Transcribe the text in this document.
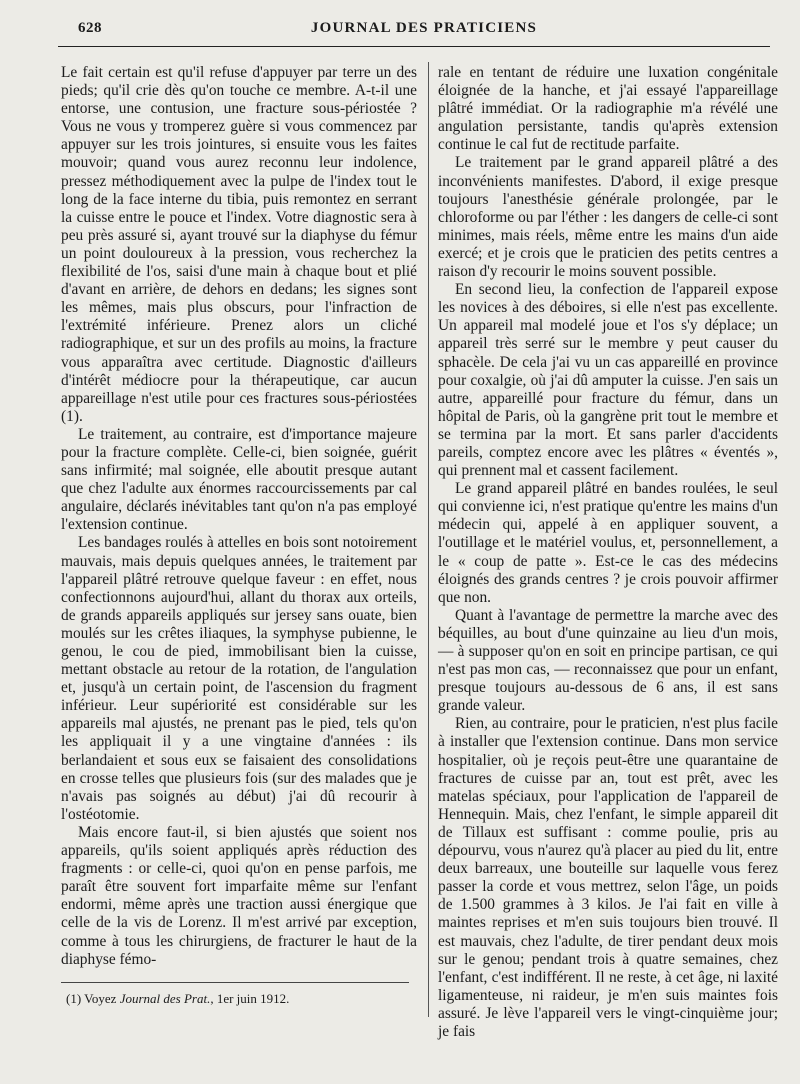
628	JOURNAL DES PRATICIENS

Le fait certain est qu'il refuse d'appuyer par terre un des pieds; qu'il crie dès qu'on touche ce membre. A-t-il une entorse, une contusion, une fracture sous-périostée ? Vous ne vous y tromperez guère si vous commencez par appuyer sur les trois jointures, si ensuite vous les faites mouvoir; quand vous aurez reconnu leur indolence, pressez méthodiquement avec la pulpe de l'index tout le long de la face interne du tibia, puis remontez en serrant la cuisse entre le pouce et l'index. Votre diagnostic sera à peu près assuré si, ayant trouvé sur la diaphyse du fémur un point douloureux à la pression, vous recherchez la flexibilité de l'os, saisi d'une main à chaque bout et plié d'avant en arrière, de dehors en dedans; les signes sont les mêmes, mais plus obscurs, pour l'infraction de l'extrémité inférieure. Prenez alors un cliché radiographique, et sur un des profils au moins, la fracture vous apparaîtra avec certitude. Diagnostic d'ailleurs d'intérêt médiocre pour la thérapeutique, car aucun appareillage n'est utile pour ces fractures sous-périostées (1).

Le traitement, au contraire, est d'importance majeure pour la fracture complète. Celle-ci, bien soignée, guérit sans infirmité; mal soignée, elle aboutit presque autant que chez l'adulte aux énormes raccourcissements par cal angulaire, déclarés inévitables tant qu'on n'a pas employé l'extension continue.

Les bandages roulés à attelles en bois sont notoirement mauvais, mais depuis quelques années, le traitement par l'appareil plâtré retrouve quelque faveur : en effet, nous confectionnons aujourd'hui, allant du thorax aux orteils, de grands appareils appliqués sur jersey sans ouate, bien moulés sur les crêtes iliaques, la symphyse pubienne, le genou, le cou de pied, immobilisant bien la cuisse, mettant obstacle au retour de la rotation, de l'angulation et, jusqu'à un certain point, de l'ascension du fragment inférieur. Leur supériorité est considérable sur les appareils mal ajustés, ne prenant pas le pied, tels qu'on les appliquait il y a une vingtaine d'années : ils berlandaient et sous eux se faisaient des consolidations en crosse telles que plusieurs fois (sur des malades que je n'avais pas soignés au début) j'ai dû recourir à l'ostéotomie.

Mais encore faut-il, si bien ajustés que soient nos appareils, qu'ils soient appliqués après réduction des fragments : or celle-ci, quoi qu'on en pense parfois, me paraît être souvent fort imparfaite même sur l'enfant endormi, même après une traction aussi énergique que celle de la vis de Lorenz. Il m'est arrivé par exception, comme à tous les chirurgiens, de fracturer le haut de la diaphyse fémo-

rale en tentant de réduire une luxation congénitale éloignée de la hanche, et j'ai essayé l'appareillage plâtré immédiat. Or la radiographie m'a révélé une angulation persistante, tandis qu'après extension continue le cal fut de rectitude parfaite.

Le traitement par le grand appareil plâtré a des inconvénients manifestes. D'abord, il exige presque toujours l'anesthésie générale prolongée, par le chloroforme ou par l'éther : les dangers de celle-ci sont minimes, mais réels, même entre les mains d'un aide exercé; et je crois que le praticien des petits centres a raison d'y recourir le moins souvent possible.

En second lieu, la confection de l'appareil expose les novices à des déboires, si elle n'est pas excellente. Un appareil mal modelé joue et l'os s'y déplace; un appareil très serré sur le membre y peut causer du sphacèle. De cela j'ai vu un cas appareillé en province pour coxalgie, où j'ai dû amputer la cuisse. J'en sais un autre, appareillé pour fracture du fémur, dans un hôpital de Paris, où la gangrène prit tout le membre et se termina par la mort. Et sans parler d'accidents pareils, comptez encore avec les plâtres « éventés », qui prennent mal et cassent facilement.

Le grand appareil plâtré en bandes roulées, le seul qui convienne ici, n'est pratique qu'entre les mains d'un médecin qui, appelé à en appliquer souvent, a l'outillage et le matériel voulus, et, personnellement, a le « coup de patte ». Est-ce le cas des médecins éloignés des grands centres ? je crois pouvoir affirmer que non.

Quant à l'avantage de permettre la marche avec des béquilles, au bout d'une quinzaine au lieu d'un mois, — à supposer qu'on en soit en principe partisan, ce qui n'est pas mon cas, — reconnaissez que pour un enfant, presque toujours au-dessous de 6 ans, il est sans grande valeur.

Rien, au contraire, pour le praticien, n'est plus facile à installer que l'extension continue. Dans mon service hospitalier, où je reçois peut-être une quarantaine de fractures de cuisse par an, tout est prêt, avec les matelas spéciaux, pour l'application de l'appareil de Hennequin. Mais, chez l'enfant, le simple appareil dit de Tillaux est suffisant : comme poulie, pris au dépourvu, vous n'aurez qu'à placer au pied du lit, entre deux barreaux, une bouteille sur laquelle vous ferez passer la corde et vous mettrez, selon l'âge, un poids de 1.500 grammes à 3 kilos. Je l'ai fait en ville à maintes reprises et m'en suis toujours bien trouvé. Il est mauvais, chez l'adulte, de tirer pendant deux mois sur le genou; pendant trois à quatre semaines, chez l'enfant, c'est indifférent. Il ne reste, à cet âge, ni laxité ligamenteuse, ni raideur, je m'en suis maintes fois assuré. Je lève l'appareil vers le vingt-cinquième jour; je fais

(1) Voyez Journal des Prat., 1er juin 1912.
